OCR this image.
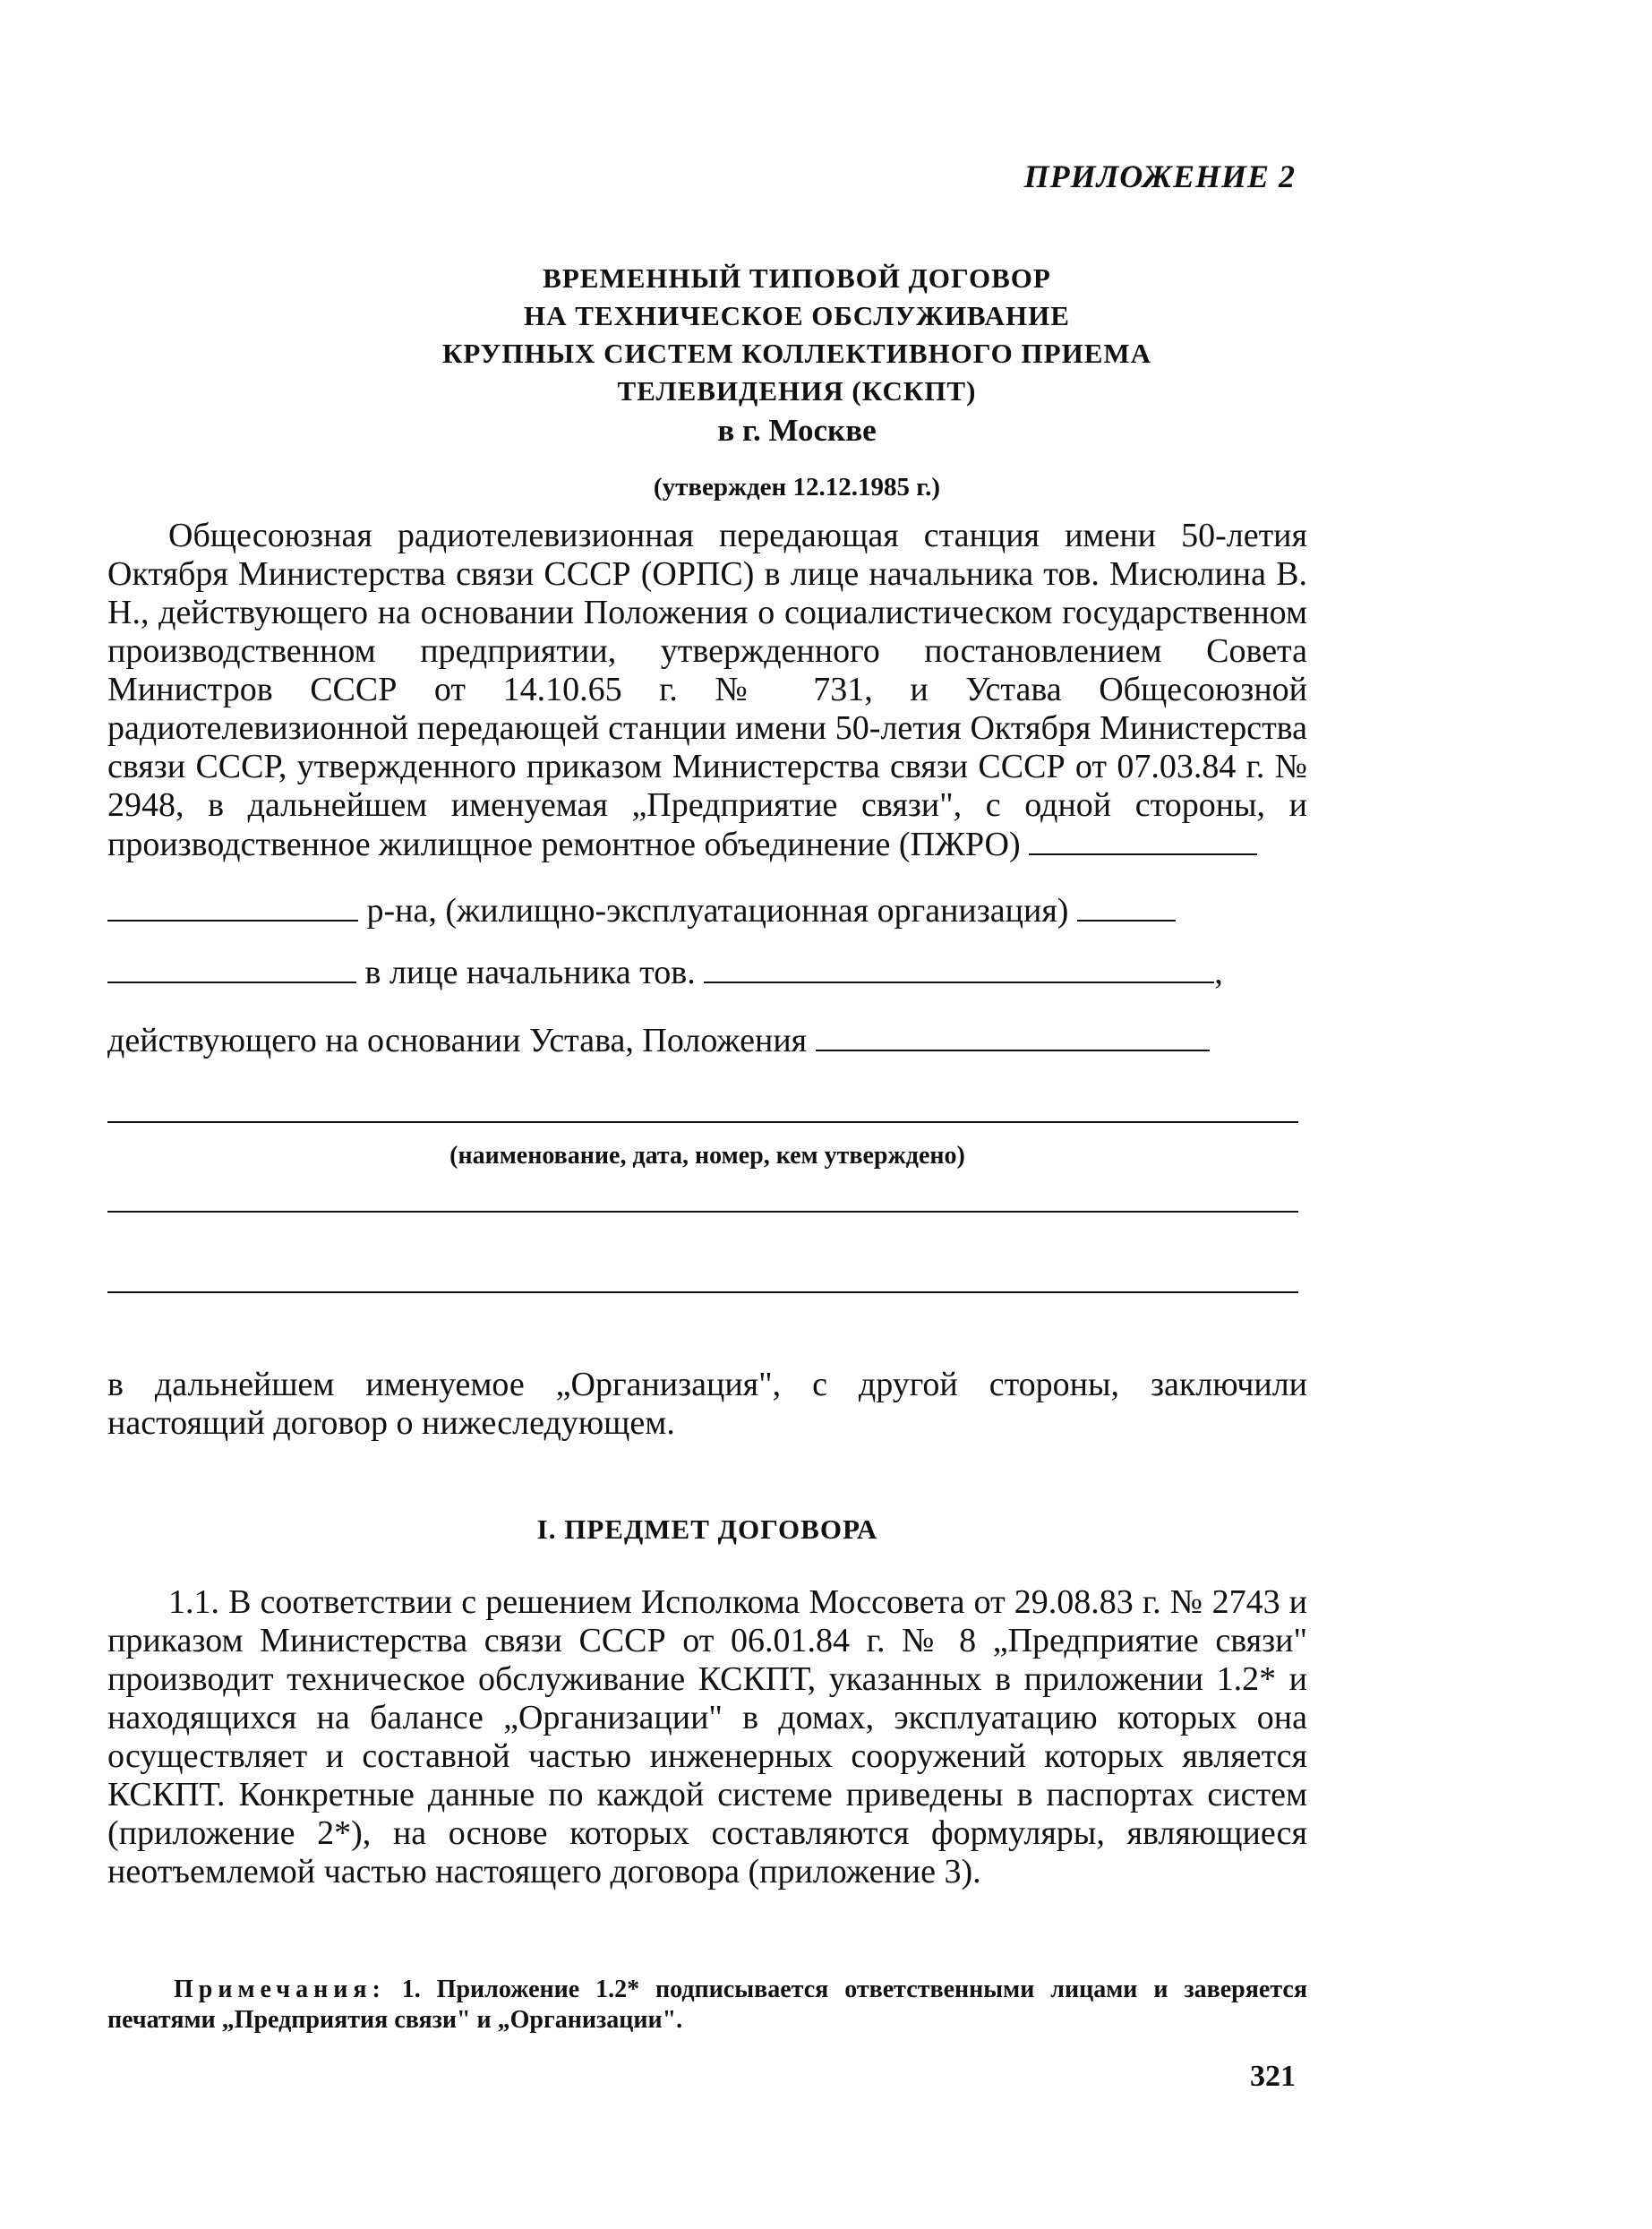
ПРИЛОЖЕНИЕ 2
ВРЕМЕННЫЙ ТИПОВОЙ ДОГОВОР
НА ТЕХНИЧЕСКОЕ ОБСЛУЖИВАНИЕ
КРУПНЫХ СИСТЕМ КОЛЛЕКТИВНОГО ПРИЕМА
ТЕЛЕВИДЕНИЯ (КСКПТ)
в г. Москве
(утвержден 12.12.1985 г.)

Общесоюзная радиотелевизионная передающая станция имени 50-летия Октября Министерства связи СССР (ОРПС) в лице начальника тов. Мисюлина В. Н., действующего на основании Положения о социалистическом государственном производственном предприятии, утвержденного постановлением Совета Министров СССР от 14.10.65 г. № 731, и Устава Общесоюзной радиотелевизионной передающей станции имени 50-летия Октября Министерства связи СССР, утвержденного приказом Министерства связи СССР от 07.03.84 г. № 2948, в дальнейшем именуемая „Предприятие связи", с одной стороны, и производственное жилищное ремонтное объединение (ПЖРО)

р-на, (жилищно-эксплуатационная организация)
в лице начальника тов.	,
действующего на основании Устава, Положения
(наименование, дата, номер, кем утверждено)

в дальнейшем именуемое „Организация", с другой стороны, заключили настоящий договор о нижеследующем.

I. ПРЕДМЕТ ДОГОВОРА

1.1. В соответствии с решением Исполкома Моссовета от 29.08.83 г. № 2743 и приказом Министерства связи СССР от 06.01.84 г. № 8 „Предприятие связи" производит техническое обслуживание КСКПТ, указанных в приложении 1.2* и находящихся на балансе „Организации" в домах, эксплуатацию которых она осуществляет и составной частью инженерных сооружений которых является КСКПТ. Конкретные данные по каждой системе приведены в паспортах систем (приложение 2*), на основе которых составляются формуляры, являющиеся неотъемлемой частью настоящего договора (приложение 3).

Примечания: 1. Приложение 1.2* подписывается ответственными лицами и заверяется печатями „Предприятия связи" и „Организации".
321
